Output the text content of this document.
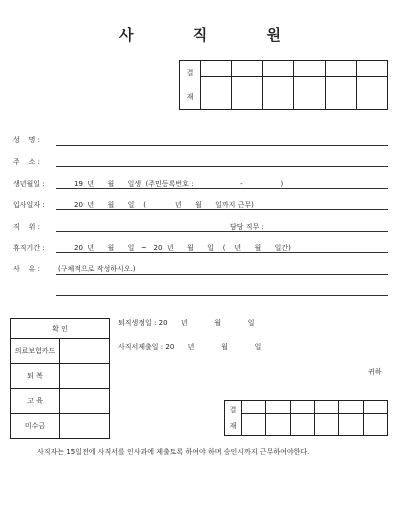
사 직 원
결
재						

성    명 :
주    소 :
생년월일 :	19  년      월      일생  (주민등록번호 :                     -                 )
입사일자 :	20  년      월      일    (             년      월      일까지 근무)
직    위 :	담당 직무 :
휴직기간 :	20  년      월      일   ~   20  년      월      일    (    년      월      일간)
사    유 :	(구체적으로 작성하시오.)
확 인	
의료보험카드	
퇴 복	
고 육	
미수금	
퇴직생정일 : 20      년            월            일
사직서제출일 : 20      년            월            일
귀하
결
재						

사직자는 15일전에 사직서를 인사과에 제출토록 하여야 하며 승인시까지 근무하여야한다.
